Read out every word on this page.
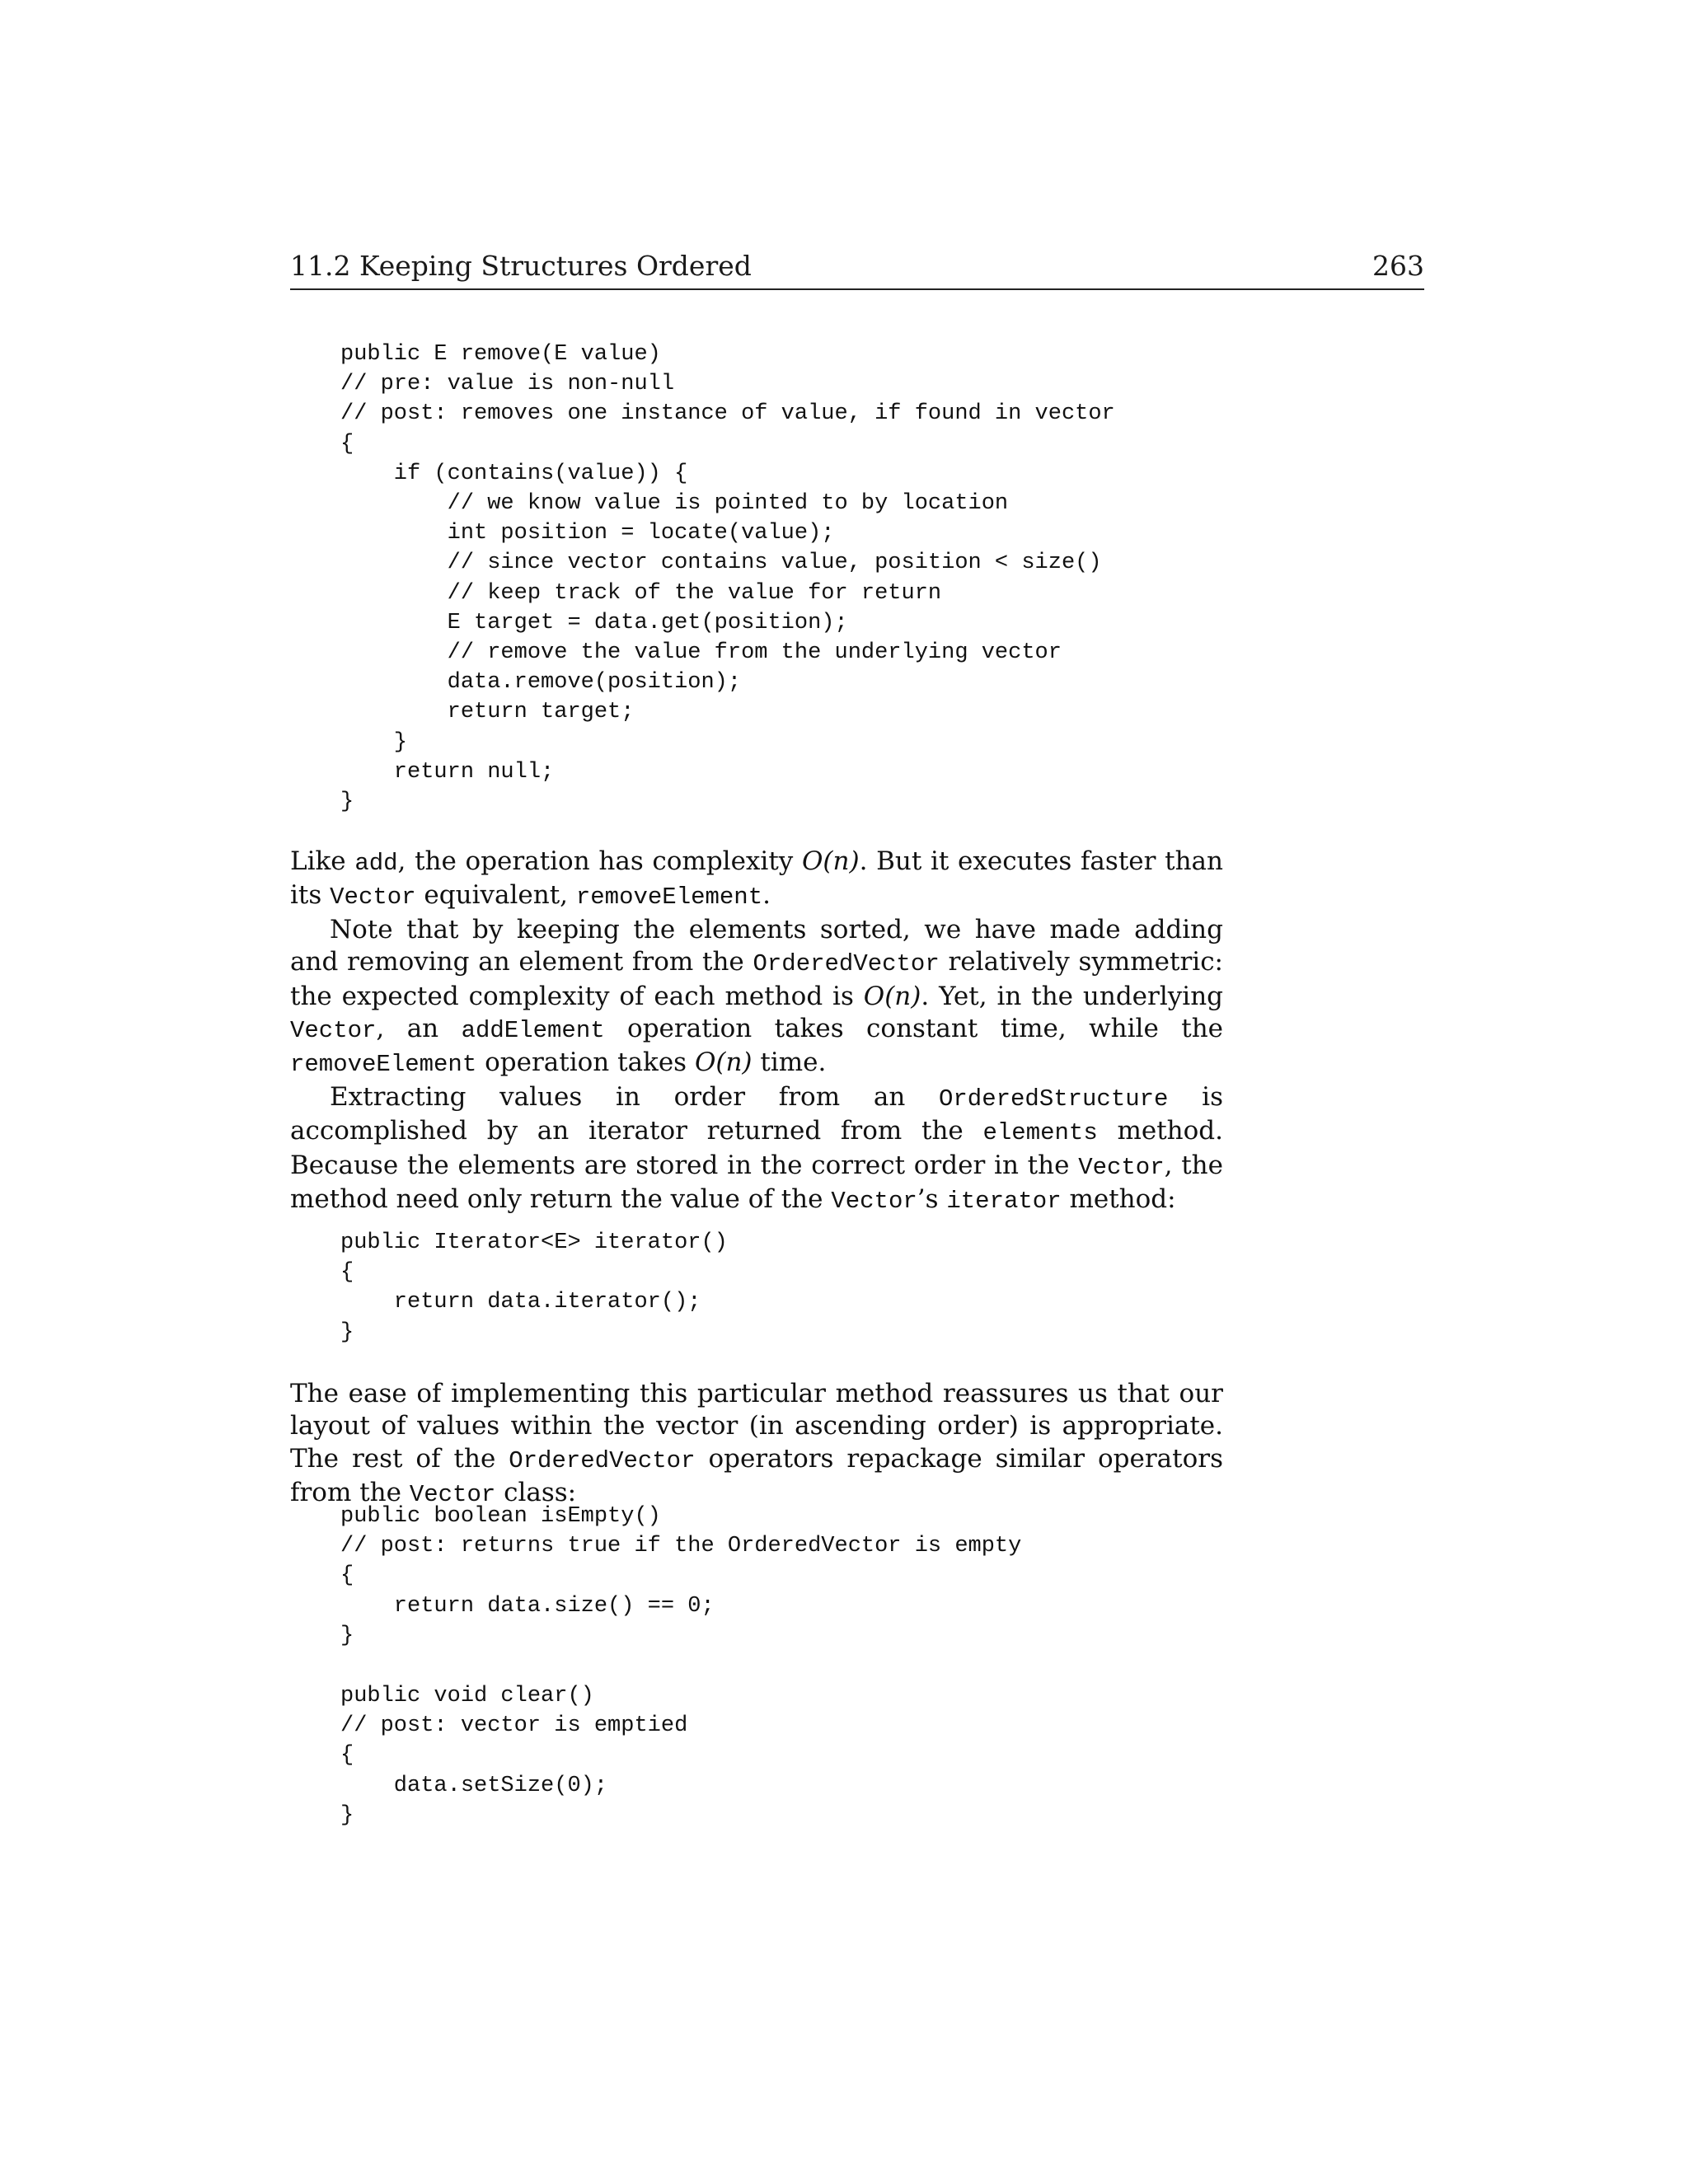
11.2 Keeping Structures Ordered	263
public E remove(E value)
// pre: value is non-null
// post: removes one instance of value, if found in vector
{
if (contains(value)) {
// we know value is pointed to by location
int position = locate(value);
// since vector contains value, position < size()
// keep track of the value for return
E target = data.get(position);
// remove the value from the underlying vector
data.remove(position);
return target;
}
return null;
}

Like add, the operation has complexity O(n). But it executes faster than its Vector equivalent, removeElement.

Note that by keeping the elements sorted, we have made adding and removing an element from the OrderedVector relatively symmetric: the expected complexity of each method is O(n). Yet, in the underlying Vector, an addElement operation takes constant time, while the removeElement operation takes O(n) time.

Extracting values in order from an OrderedStructure is accomplished by an iterator returned from the elements method. Because the elements are stored in the correct order in the Vector, the method need only return the value of the Vector’s iterator method:

public Iterator<E> iterator()
{
return data.iterator();
}

The ease of implementing this particular method reassures us that our layout of values within the vector (in ascending order) is appropriate. The rest of the OrderedVector operators repackage similar operators from the Vector class:

public boolean isEmpty()
// post: returns true if the OrderedVector is empty
{
return data.size() == 0;
}
public void clear()
// post: vector is emptied
{
data.setSize(0);
}
